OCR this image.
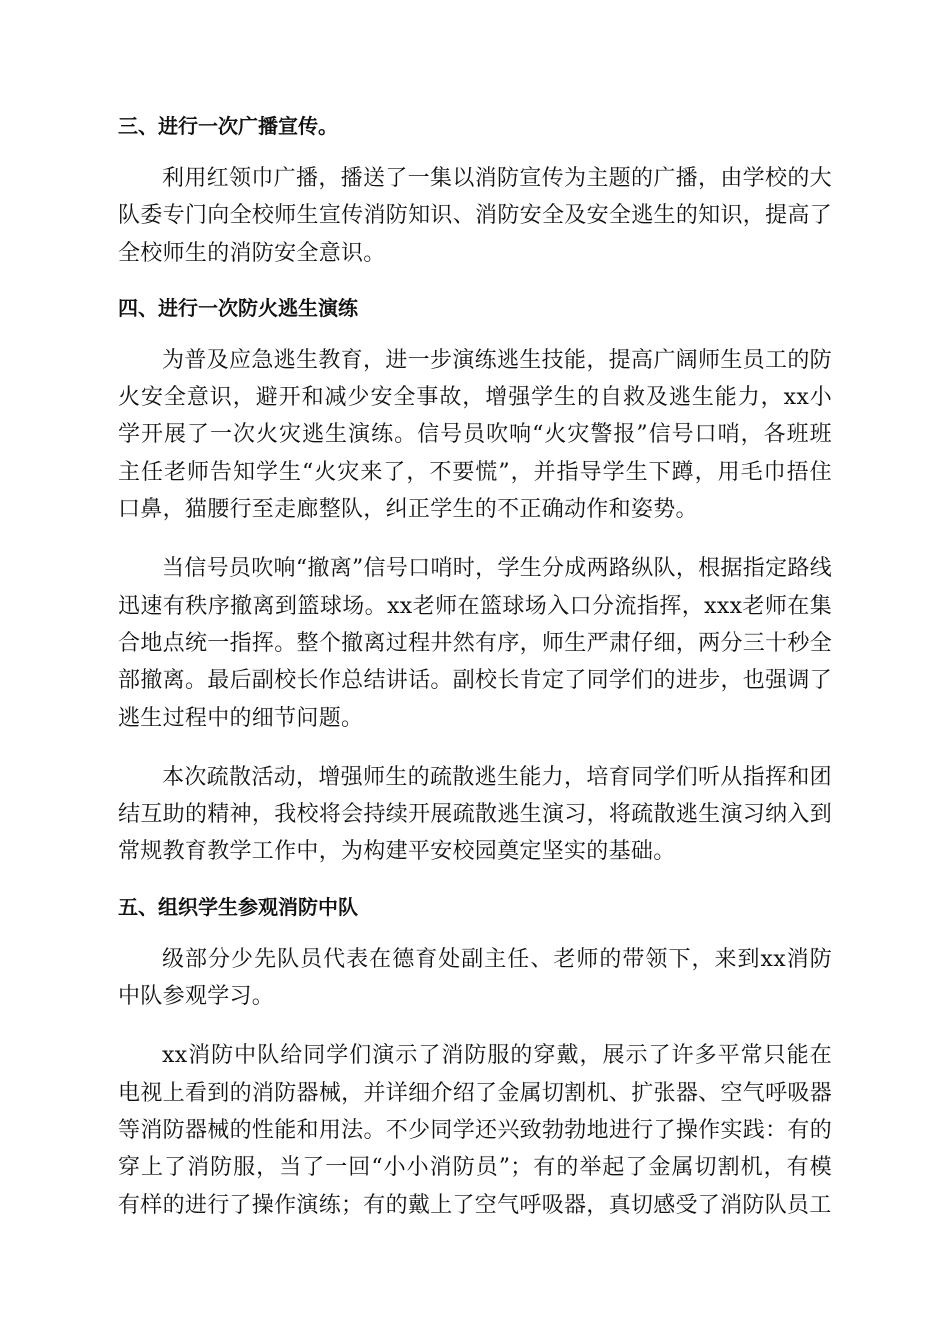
三、进行一次广播宣传。

利用红领巾广播，播送了一集以消防宣传为主题的广播，由学校的大队委专门向全校师生宣传消防知识、消防安全及安全逃生的知识，提高了全校师生的消防安全意识。

四、进行一次防火逃生演练

为普及应急逃生教育，进一步演练逃生技能，提高广阔师生员工的防火安全意识，避开和减少安全事故，增强学生的自救及逃生能力，xx小学开展了一次火灾逃生演练。信号员吹响“火灾警报”信号口哨，各班班主任老师告知学生“火灾来了，不要慌”，并指导学生下蹲，用毛巾捂住口鼻，猫腰行至走廊整队，纠正学生的不正确动作和姿势。

当信号员吹响“撤离”信号口哨时，学生分成两路纵队，根据指定路线迅速有秩序撤离到篮球场。xx老师在篮球场入口分流指挥，xxx老师在集合地点统一指挥。整个撤离过程井然有序，师生严肃仔细，两分三十秒全部撤离。最后副校长作总结讲话。副校长肯定了同学们的进步，也强调了逃生过程中的细节问题。

本次疏散活动，增强师生的疏散逃生能力，培育同学们听从指挥和团结互助的精神，我校将会持续开展疏散逃生演习，将疏散逃生演习纳入到常规教育教学工作中，为构建平安校园奠定坚实的基础。

五、组织学生参观消防中队

级部分少先队员代表在德育处副主任、老师的带领下，来到xx消防中队参观学习。

xx消防中队给同学们演示了消防服的穿戴，展示了许多平常只能在电视上看到的消防器械，并详细介绍了金属切割机、扩张器、空气呼吸器等消防器械的性能和用法。不少同学还兴致勃勃地进行了操作实践：有的穿上了消防服，当了一回“小小消防员”；有的举起了金属切割机，有模有样的进行了操作演练；有的戴上了空气呼吸器，真切感受了消防队员工
